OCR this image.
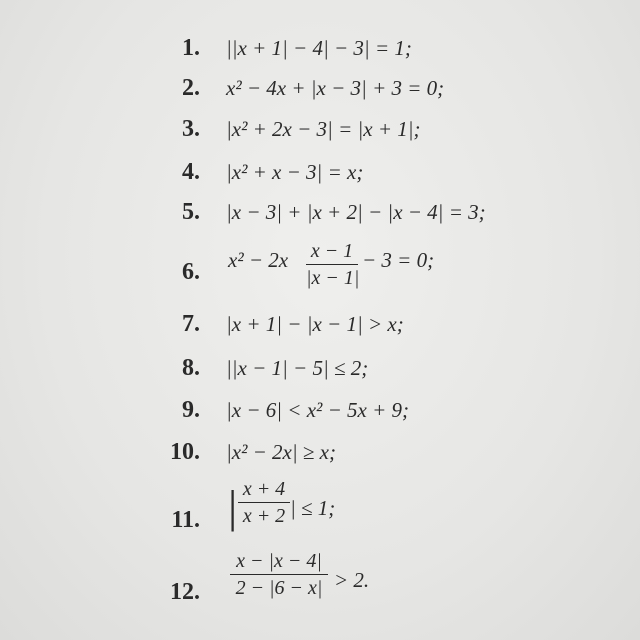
1. ||x + 1| − 4| − 3| = 1;
2. x² − 4x + |x − 3| + 3 = 0;
3. |x² + 2x − 3| = |x + 1|;
4. |x² + x − 3| = x;
5. |x − 3| + |x + 2| − |x − 4| = 3;
6. x² − 2x x − 1
|x − 1|
− 3 = 0;
7. |x + 1| − |x − 1| > x;
8. ||x − 1| − 5| ≤ 2;
9. |x − 6| < x² − 5x + 9;
10. |x² − 2x| ≥ x;
11. | x + 4
x + 2 | ≤ 1;
12.
x − |x − 4|
2 − |6 − x| > 2.
